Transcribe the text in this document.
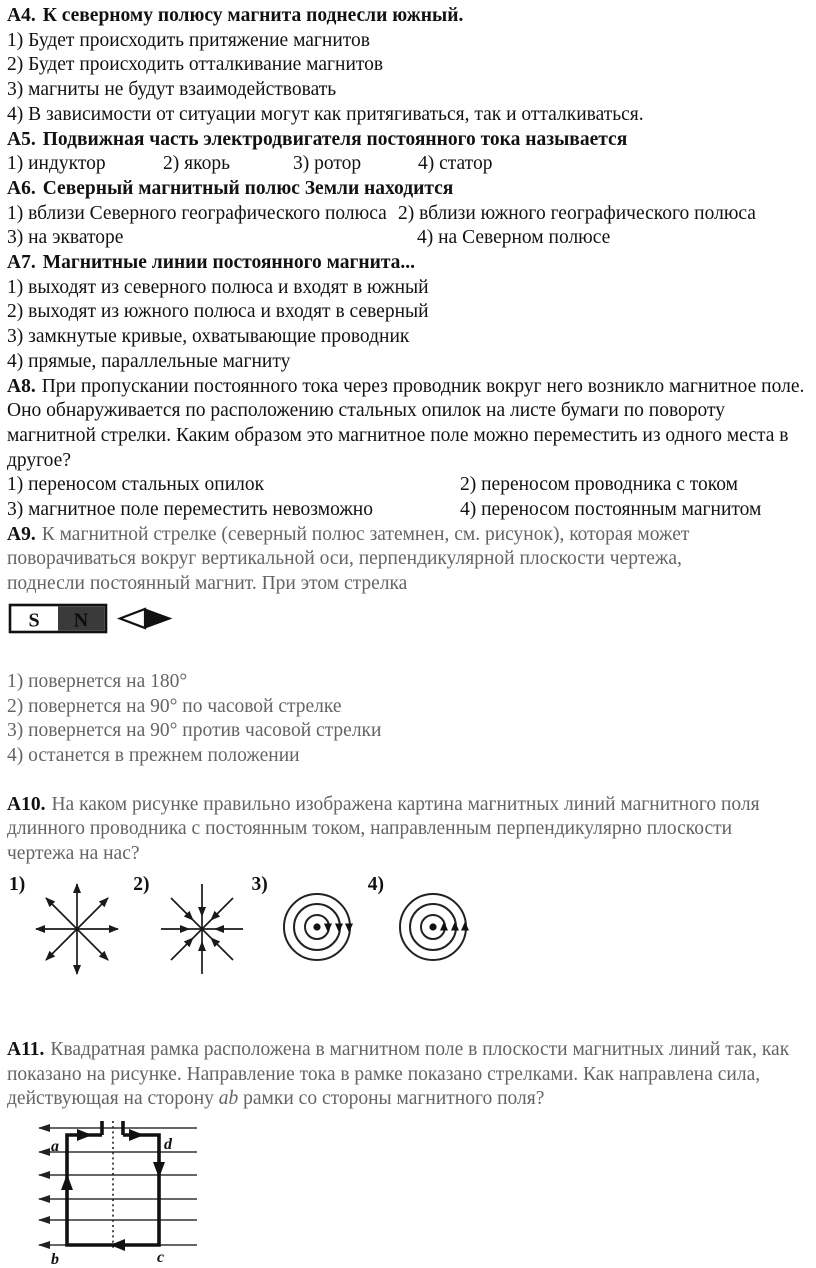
А4. К северному полюсу магнита поднесли южный.
1) Будет происходить притяжение магнитов
2) Будет происходить отталкивание магнитов
3) магниты не будут взаимодействовать
4) В зависимости от ситуации могут как притягиваться, так и отталкиваться.
А5. Подвижная часть электродвигателя постоянного тока называется
1) индуктор	2) якорь	3) ротор	4) статор
А6. Северный магнитный полюс Земли находится
1) вблизи Северного географического полюса 2) вблизи южного географического полюса
3) на экваторе	4) на Северном полюсе
А7. Магнитные линии постоянного магнита...
1) выходят из северного полюса и входят в южный
2) выходят из южного полюса и входят в северный
3) замкнутые кривые, охватывающие проводник
4) прямые, параллельные магниту

А8. При пропускании постоянного тока через проводник вокруг него возникло магнитное поле. Оно обнаруживается по расположению стальных опилок на листе бумаги по повороту магнитной стрелки. Каким образом это магнитное поле можно переместить из одного места в другое?

1) переносом стальных опилок	2) переносом проводника с током
3) магнитное поле переместить невозможно	4) переносом постоянным магнитом

А9. К магнитной стрелке (северный полюс затемнен, см. рисунок), которая может поворачиваться вокруг вертикальной оси, перпендикулярной плоскости чертежа, поднесли постоянный магнит. При этом стрелка

S N
1) повернется на 180°
2) повернется на 90° по часовой стрелке
3) повернется на 90° против часовой стрелки
4) останется в прежнем положении

А10. На каком рисунке правильно изображена картина магнитных линий магнитного поля длинного проводника с постоянным током, направленным перпендикулярно плоскости чертежа на нас?

1)	2)	3)	4)

А11. Квадратная рамка расположена в магнитном поле в плоскости магнитных линий так, как показано на рисунке. Направление тока в рамке показано стрелками. Как направлена сила, действующая на сторону ab рамки со стороны магнитного поля?

a	d
b	c
